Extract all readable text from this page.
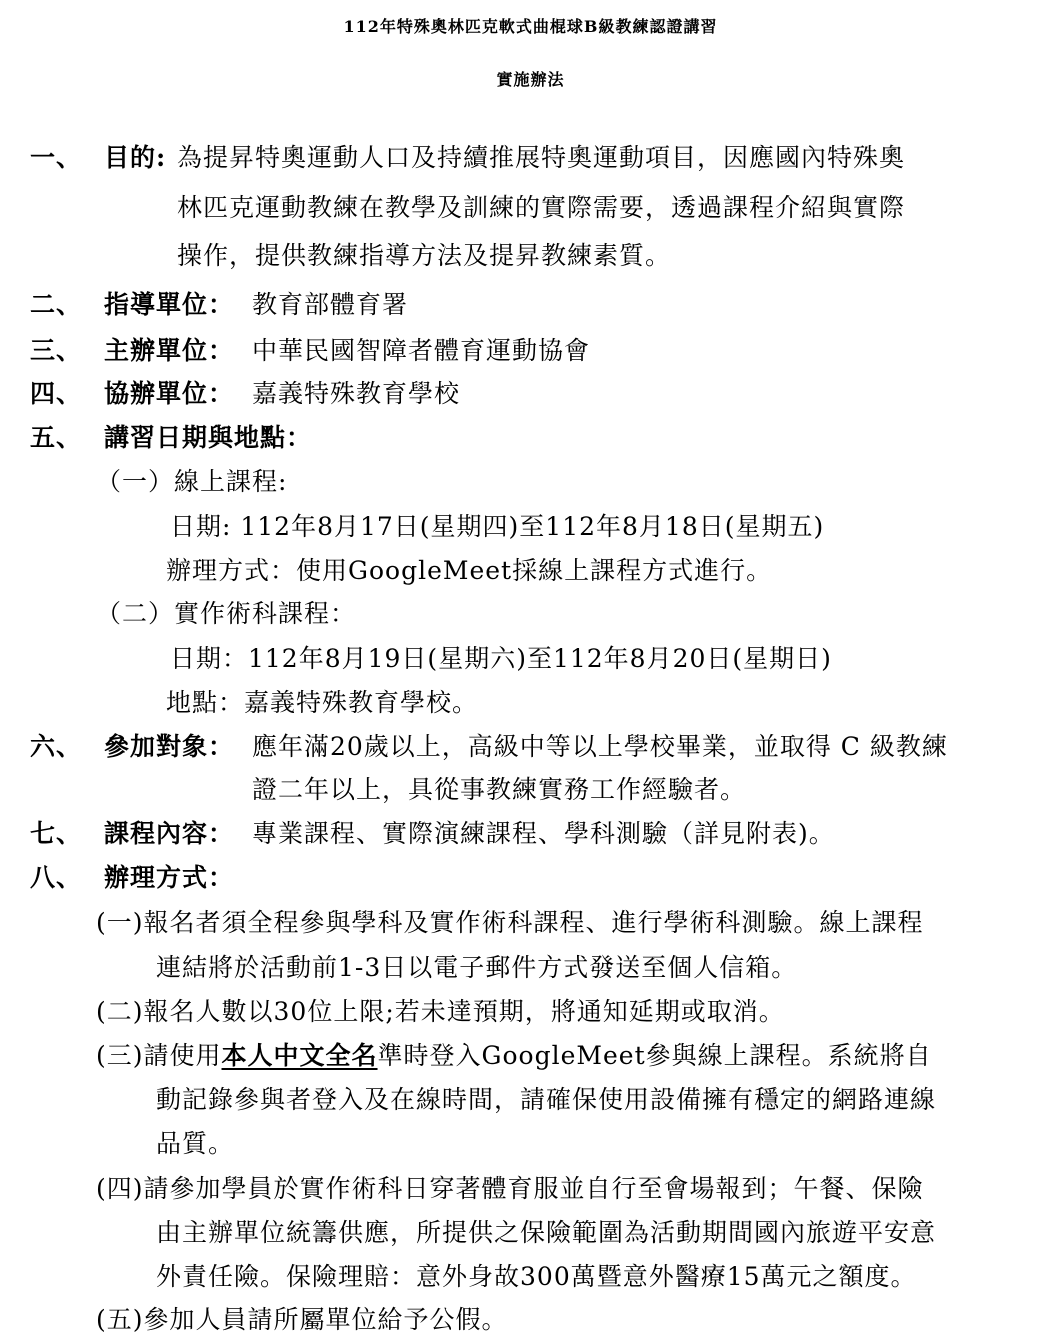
112年特殊奧林匹克軟式曲棍球B級教練認證講習
實施辦法
一、 目的: 為提昇特奧運動人口及持續推展特奧運動項目，因應國內特殊奧
林匹克運動教練在教學及訓練的實際需要，透過課程介紹與實際
操作，提供教練指導方法及提昇教練素質。
二、 指導單位： 教育部體育署
三、 主辦單位： 中華民國智障者體育運動協會
四、 協辦單位： 嘉義特殊教育學校
五、 講習日期與地點：
（一）線上課程:
日期: 112年8月17日(星期四)至112年8月18日(星期五)
辦理方式：使用GoogleMeet採線上課程方式進行。
（二）實作術科課程：
日期：112年8月19日(星期六)至112年8月20日(星期日)
地點：嘉義特殊教育學校。
六、 參加對象： 應年滿20歲以上，高級中等以上學校畢業，並取得 C 級教練
證二年以上，具從事教練實務工作經驗者。
七、 課程內容： 專業課程、實際演練課程、學科測驗（詳見附表)。
八、 辦理方式：
(一)報名者須全程參與學科及實作術科課程、進行學術科測驗。線上課程
連結將於活動前1-3日以電子郵件方式發送至個人信箱。
(二)報名人數以30位上限;若未達預期，將通知延期或取消。
(三)請使用本人中文全名準時登入GoogleMeet參與線上課程。系統將自
動記錄參與者登入及在線時間，請確保使用設備擁有穩定的網路連線
品質。
(四)請參加學員於實作術科日穿著體育服並自行至會場報到；午餐、保險
由主辦單位統籌供應，所提供之保險範圍為活動期間國內旅遊平安意
外責任險。保險理賠：意外身故300萬暨意外醫療15萬元之額度。
(五)參加人員請所屬單位給予公假。
